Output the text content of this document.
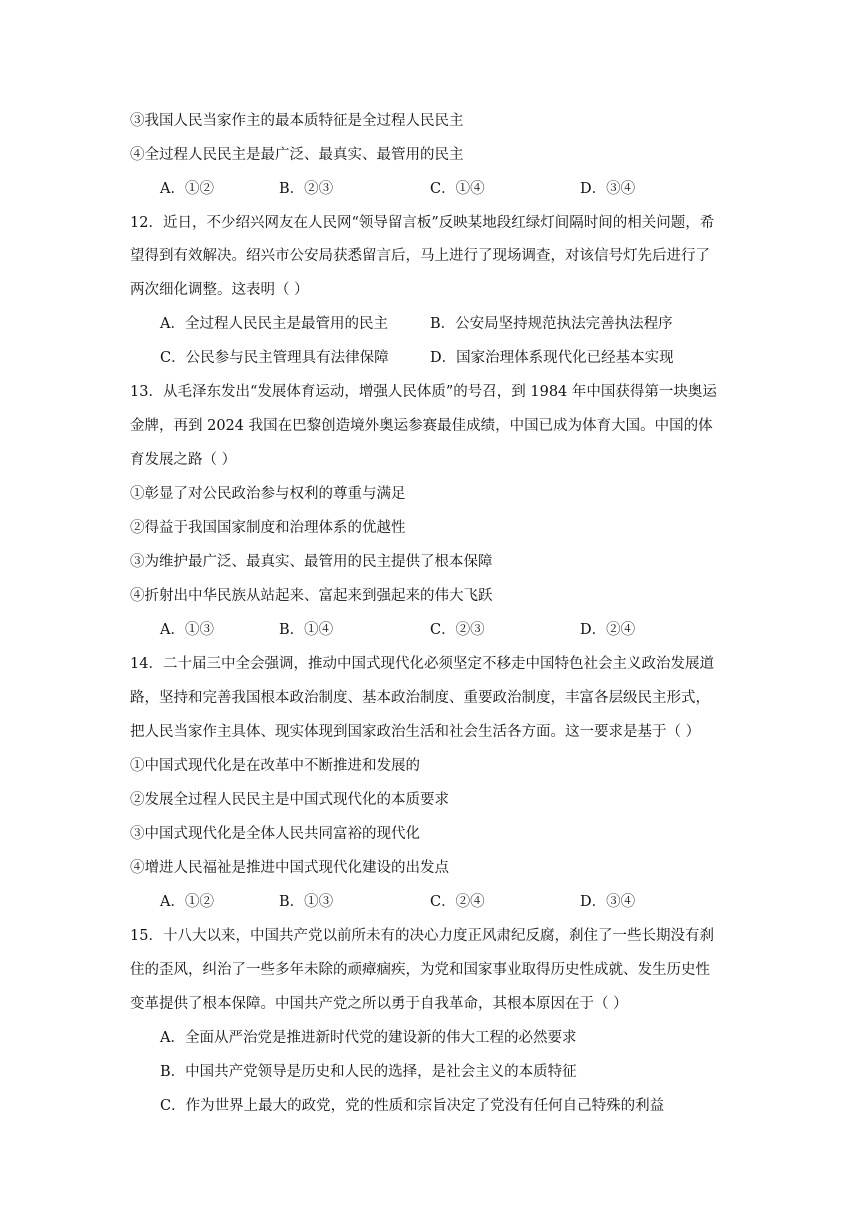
③我国人民当家作主的最本质特征是全过程人民民主
④全过程人民民主是最广泛、最真实、最管用的民主
A．①②	B．②③	C．①④	D．③④
12．近日，不少绍兴网友在人民网“领导留言板”反映某地段红绿灯间隔时间的相关问题，希
望得到有效解决。绍兴市公安局获悉留言后，马上进行了现场调查，对该信号灯先后进行了
两次细化调整。这表明（ ）
A．全过程人民民主是最管用的民主	B．公安局坚持规范执法完善执法程序
C．公民参与民主管理具有法律保障	D．国家治理体系现代化已经基本实现
13．从毛泽东发出“发展体育运动，增强人民体质”的号召，到 1984 年中国获得第一块奥运
金牌，再到 2024 我国在巴黎创造境外奥运参赛最佳成绩，中国已成为体育大国。中国的体
育发展之路（ ）
①彰显了对公民政治参与权利的尊重与满足
②得益于我国国家制度和治理体系的优越性
③为维护最广泛、最真实、最管用的民主提供了根本保障
④折射出中华民族从站起来、富起来到强起来的伟大飞跃
A．①③	B．①④	C．②③	D．②④
14．二十届三中全会强调，推动中国式现代化必须坚定不移走中国特色社会主义政治发展道
路，坚持和完善我国根本政治制度、基本政治制度、重要政治制度，丰富各层级民主形式，
把人民当家作主具体、现实体现到国家政治生活和社会生活各方面。这一要求是基于（ ）
①中国式现代化是在改革中不断推进和发展的
②发展全过程人民民主是中国式现代化的本质要求
③中国式现代化是全体人民共同富裕的现代化
④增进人民福祉是推进中国式现代化建设的出发点
A．①②	B．①③	C．②④	D．③④
15．十八大以来，中国共产党以前所未有的决心力度正风肃纪反腐，刹住了一些长期没有刹
住的歪风，纠治了一些多年未除的顽瘴痼疾，为党和国家事业取得历史性成就、发生历史性
变革提供了根本保障。中国共产党之所以勇于自我革命，其根本原因在于（ ）
A．全面从严治党是推进新时代党的建设新的伟大工程的必然要求
B．中国共产党领导是历史和人民的选择，是社会主义的本质特征
C．作为世界上最大的政党，党的性质和宗旨决定了党没有任何自己特殊的利益
